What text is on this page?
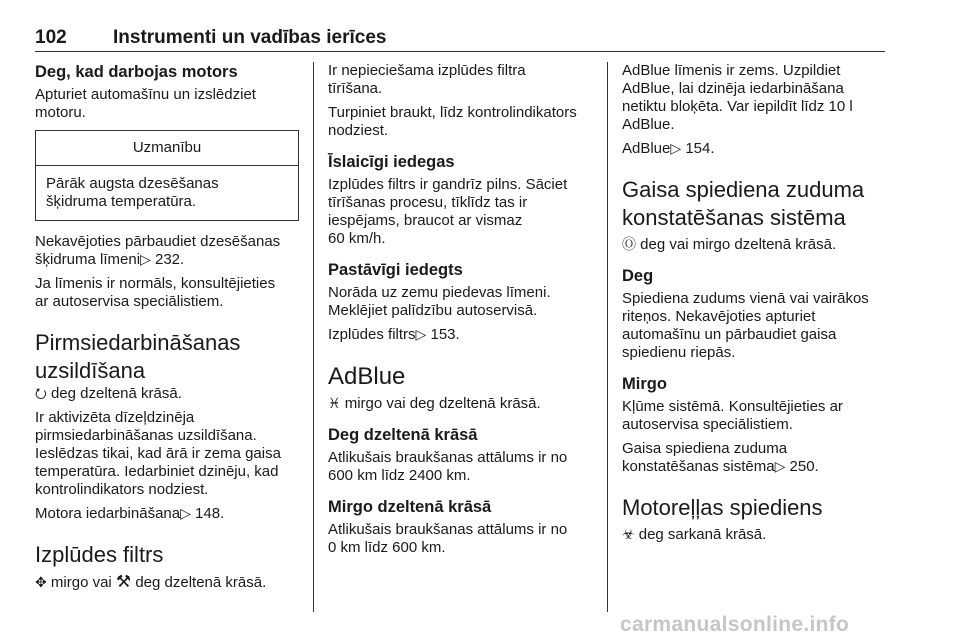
102 Instrumenti un vadības ierīces
Deg, kad darbojas motors

Apturiet automašīnu un izslēdziet
motoru.

Uzmanību
Pārāk augsta dzesēšanas
šķidruma temperatūra.

Nekavējoties pārbaudiet dzesēšanas
šķidruma līmeni▷ 232.

Ja līmenis ir normāls, konsultējieties
ar autoservisa speciālistiem.

Pirmsiedarbināšanas
uzsildīšana

⭮ deg dzeltenā krāsā.

Ir aktivizēta dīzeļdzinēja
pirmsiedarbināšanas uzsildīšana.
Ieslēdzas tikai, kad ārā ir zema gaisa
temperatūra. Iedarbiniet dzinēju, kad
kontrolindikators nodziest.

Motora iedarbināšana▷ 148.

Izplūdes filtrs

✥ mirgo vai ⚒ deg dzeltenā krāsā.

Ir nepieciešama izplūdes filtra
tīrīšana.

Turpiniet braukt, līdz kontrolindikators
nodziest.

Īslaicīgi iedegas

Izplūdes filtrs ir gandrīz pilns. Sāciet
tīrīšanas procesu, tīklīdz tas ir
iespējams, braucot ar vismaz
60 km/h.

Pastāvīgi iedegts

Norāda uz zemu piedevas līmeni.
Meklējiet palīdzību autoservisā.

Izplūdes filtrs▷ 153.

AdBlue

♓ mirgo vai deg dzeltenā krāsā.

Deg dzeltenā krāsā

Atlikušais braukšanas attālums ir no
600 km līdz 2400 km.

Mirgo dzeltenā krāsā

Atlikušais braukšanas attālums ir no
0 km līdz 600 km.

AdBlue līmenis ir zems. Uzpildiet
AdBlue, lai dzinēja iedarbināšana
netiktu bloķēta. Var iepildīt līdz 10 l
AdBlue.

AdBlue▷ 154.

Gaisa spiediena zuduma
konstatēšanas sistēma

Ⓞ deg vai mirgo dzeltenā krāsā.

Deg

Spiediena zudums vienā vai vairākos
riteņos. Nekavējoties apturiet
automašīnu un pārbaudiet gaisa
spiedienu riepās.

Mirgo

Kļūme sistēmā. Konsultējieties ar
autoservisa speciālistiem.

Gaisa spiediena zuduma
konstatēšanas sistēma▷ 250.

Motoreļļas spiediens

☣ deg sarkanā krāsā.

carmanualsonline.info
